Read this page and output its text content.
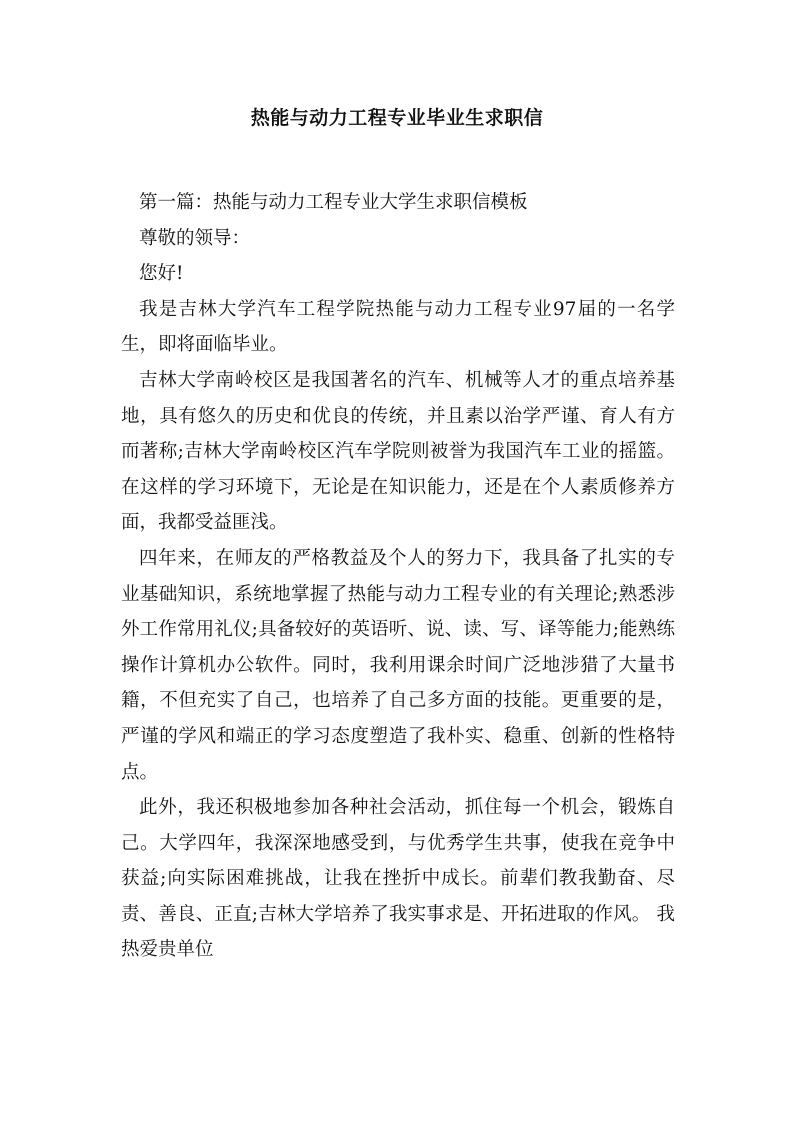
热能与动力工程专业毕业生求职信

第一篇：热能与动力工程专业大学生求职信模板

尊敬的领导：

您好!

我是吉林大学汽车工程学院热能与动力工程专业97届的一名学生，即将面临毕业。

吉林大学南岭校区是我国著名的汽车、机械等人才的重点培养基地，具有悠久的历史和优良的传统，并且素以治学严谨、育人有方而著称;吉林大学南岭校区汽车学院则被誉为我国汽车工业的摇篮。在这样的学习环境下，无论是在知识能力，还是在个人素质修养方面，我都受益匪浅。

四年来，在师友的严格教益及个人的努力下，我具备了扎实的专业基础知识，系统地掌握了热能与动力工程专业的有关理论;熟悉涉外工作常用礼仪;具备较好的英语听、说、读、写、译等能力;能熟练操作计算机办公软件。同时，我利用课余时间广泛地涉猎了大量书籍，不但充实了自己，也培养了自己多方面的技能。更重要的是，严谨的学风和端正的学习态度塑造了我朴实、稳重、创新的性格特点。

此外，我还积极地参加各种社会活动，抓住每一个机会，锻炼自己。大学四年，我深深地感受到，与优秀学生共事，使我在竞争中获益;向实际困难挑战，让我在挫折中成长。前辈们教我勤奋、尽责、善良、正直;吉林大学培养了我实事求是、开拓进取的作风。 我热爱贵单位
